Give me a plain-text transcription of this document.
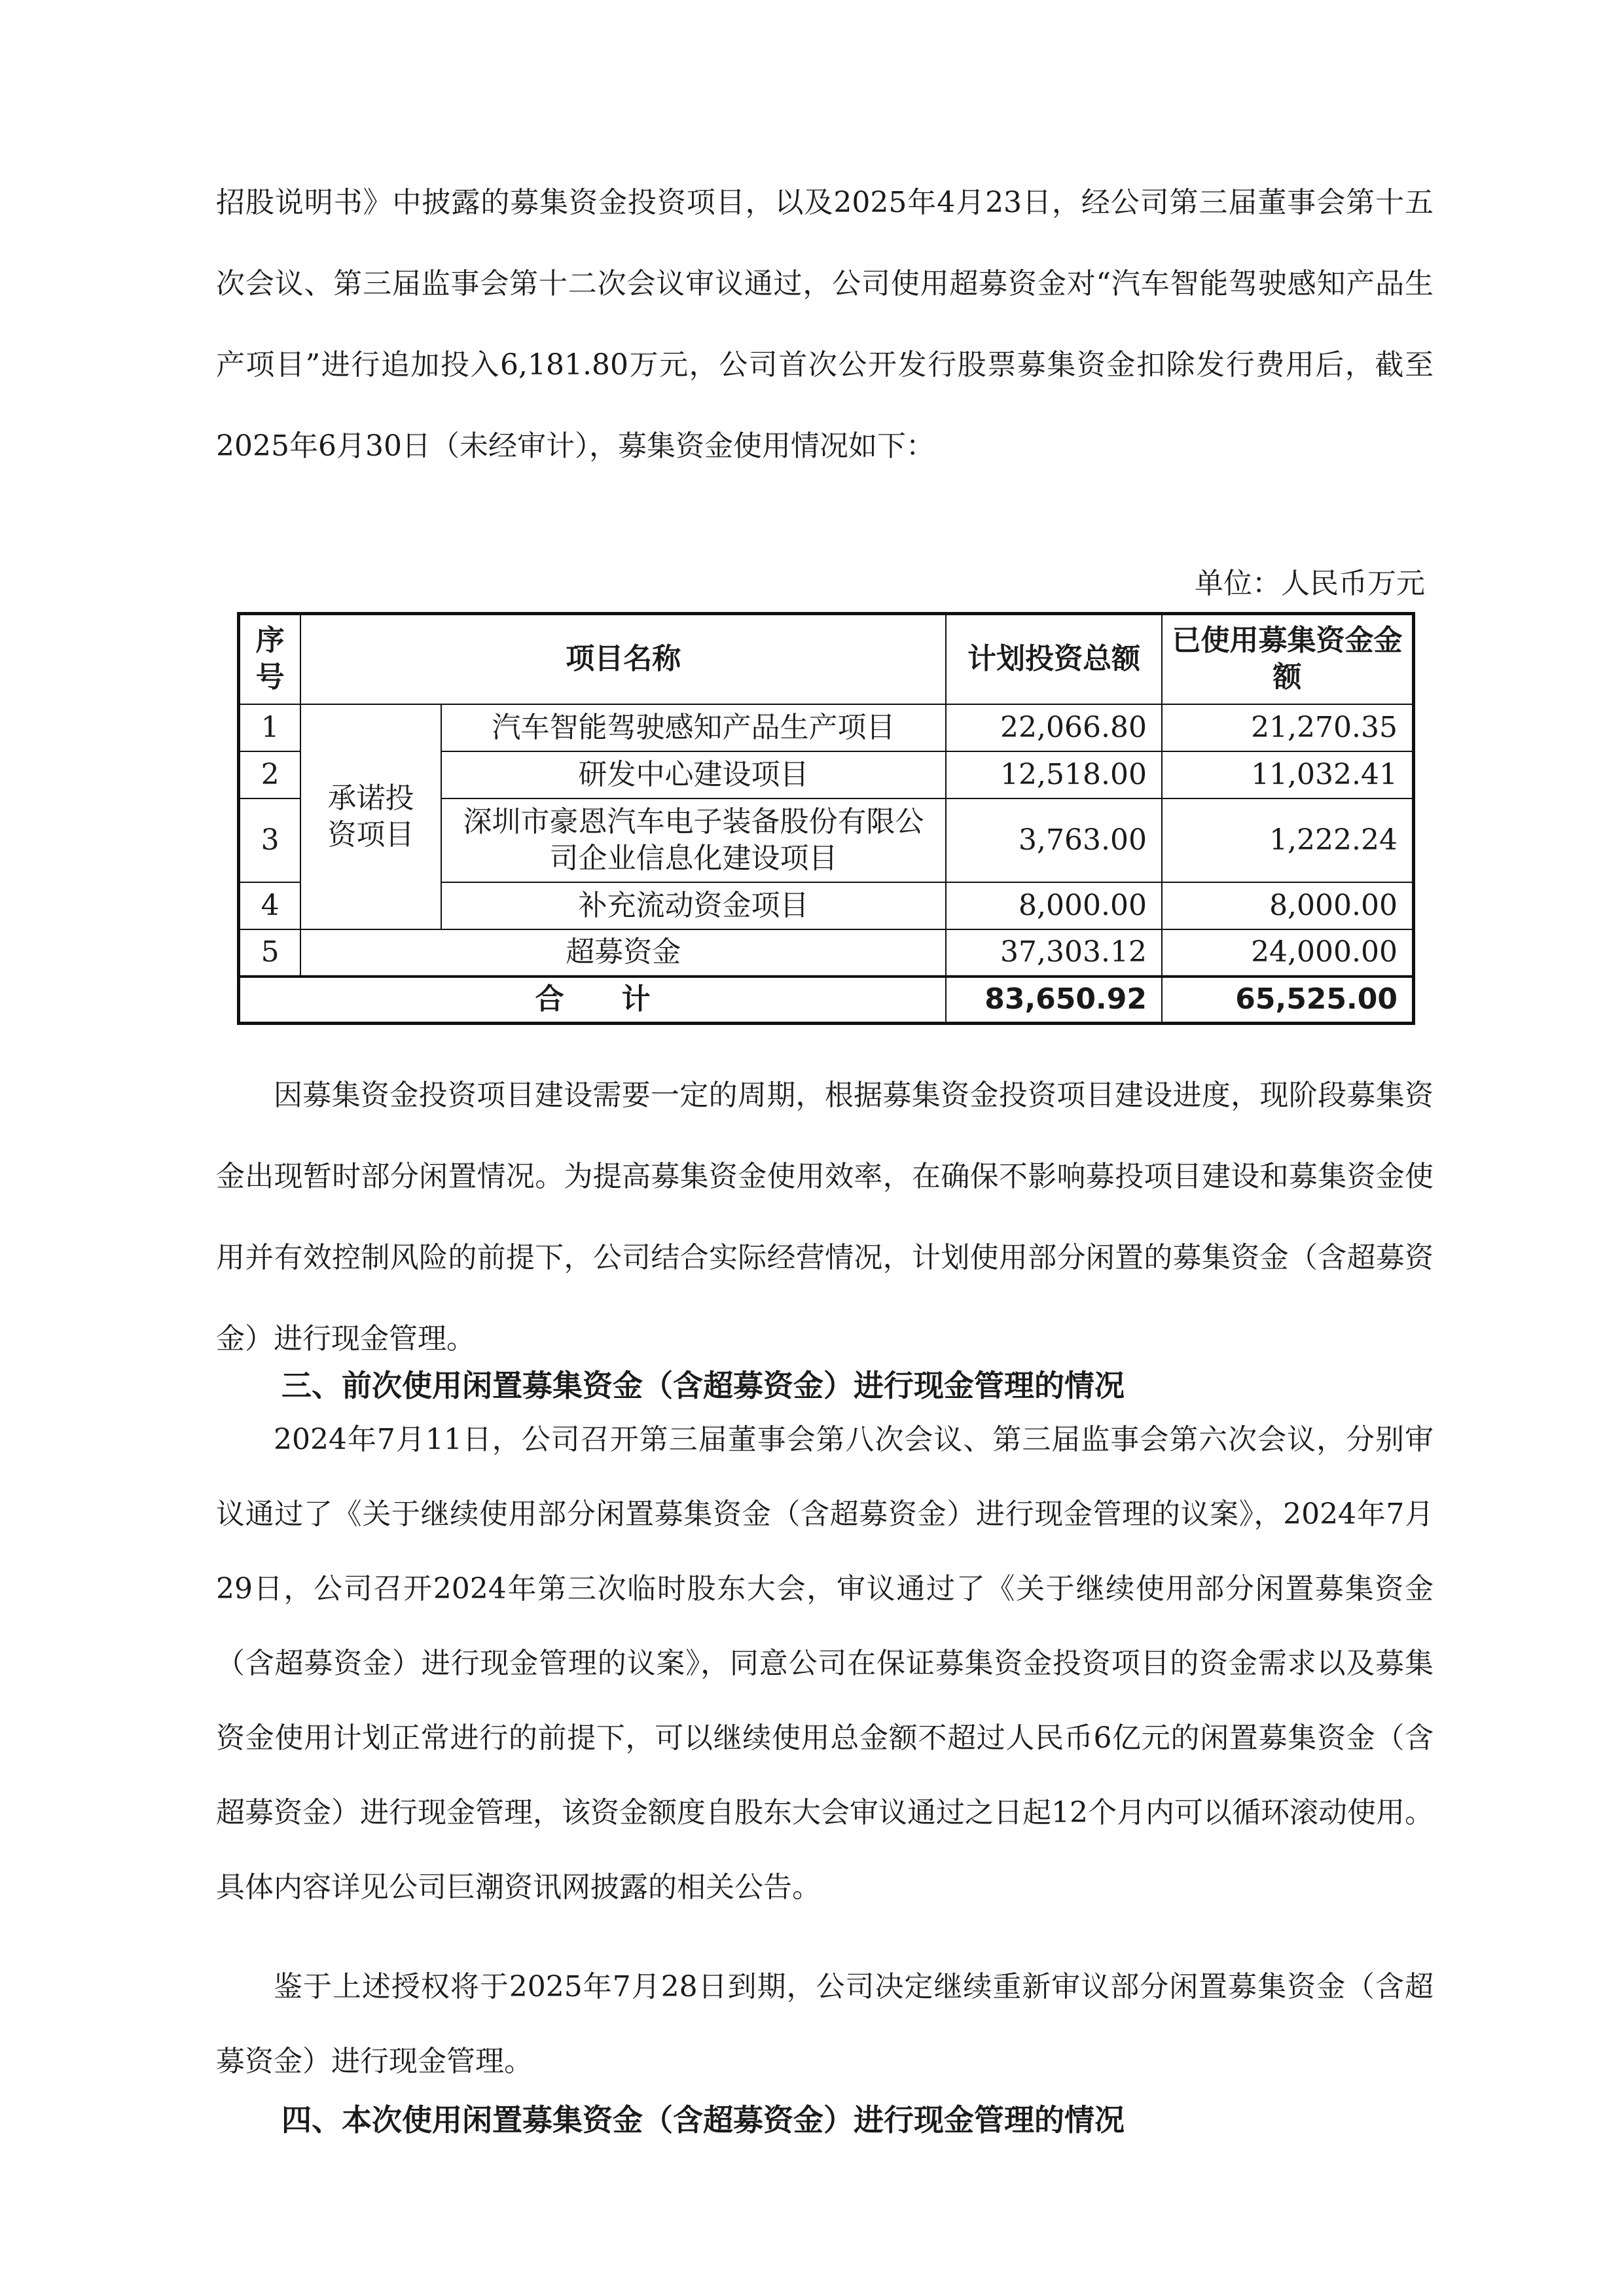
招股说明书》中披露的募集资金投资项目，以及2025年4月23日，经公司第三届董事会第十五次会议、第三届监事会第十二次会议审议通过，公司使用超募资金对“汽车智能驾驶感知产品生产项目”进行追加投入6,181.80万元，公司首次公开发行股票募集资金扣除发行费用后，截至2025年6月30日（未经审计），募集资金使用情况如下：

单位：人民币万元
序号	项目名称		计划投资总额	已使用募集资金金额
1	承诺投资项目	汽车智能驾驶感知产品生产项目	22,066.80	21,270.35
2		研发中心建设项目	12,518.00	11,032.41
3		深圳市豪恩汽车电子装备股份有限公司企业信息化建设项目	3,763.00	1,222.24
4		补充流动资金项目	8,000.00	8,000.00
5	超募资金		37,303.12	24,000.00
合　　计			83,650.92	65,525.00

因募集资金投资项目建设需要一定的周期，根据募集资金投资项目建设进度，现阶段募集资金出现暂时部分闲置情况。为提高募集资金使用效率，在确保不影响募投项目建设和募集资金使用并有效控制风险的前提下，公司结合实际经营情况，计划使用部分闲置的募集资金（含超募资金）进行现金管理。

三、前次使用闲置募集资金（含超募资金）进行现金管理的情况

2024年7月11日，公司召开第三届董事会第八次会议、第三届监事会第六次会议，分别审议通过了《关于继续使用部分闲置募集资金（含超募资金）进行现金管理的议案》，2024年7月29日，公司召开2024年第三次临时股东大会，审议通过了《关于继续使用部分闲置募集资金（含超募资金）进行现金管理的议案》，同意公司在保证募集资金投资项目的资金需求以及募集资金使用计划正常进行的前提下，可以继续使用总金额不超过人民币6亿元的闲置募集资金（含超募资金）进行现金管理，该资金额度自股东大会审议通过之日起12个月内可以循环滚动使用。具体内容详见公司巨潮资讯网披露的相关公告。

鉴于上述授权将于2025年7月28日到期，公司决定继续重新审议部分闲置募集资金（含超募资金）进行现金管理。

四、本次使用闲置募集资金（含超募资金）进行现金管理的情况
